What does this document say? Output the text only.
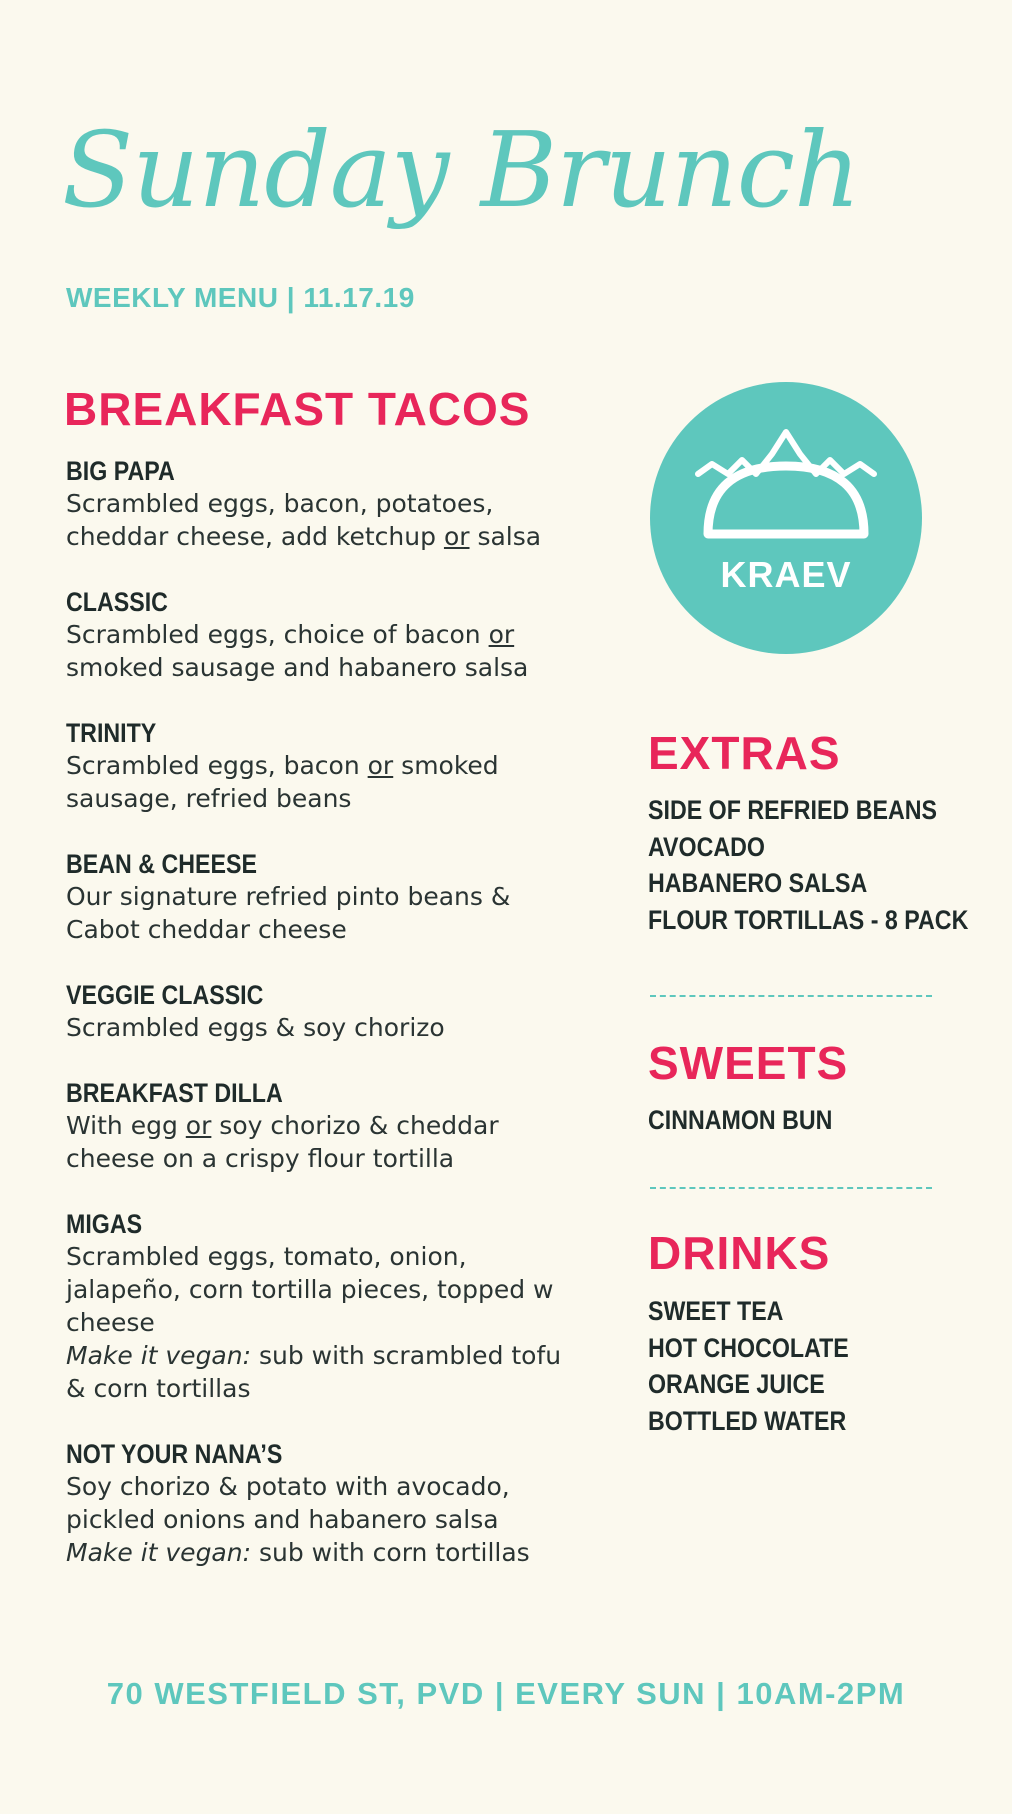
Sunday Brunch
WEEKLY MENU | 11.17.19
BREAKFAST TACOS
BIG PAPA
Scrambled eggs, bacon, potatoes, cheddar cheese, add ketchup or salsa
CLASSIC
Scrambled eggs, choice of bacon or smoked sausage and habanero salsa
TRINITY
Scrambled eggs, bacon or smoked sausage, refried beans
BEAN & CHEESE
Our signature refried pinto beans & Cabot cheddar cheese
VEGGIE CLASSIC
Scrambled eggs & soy chorizo
BREAKFAST DILLA
With egg or soy chorizo & cheddar cheese on a crispy flour tortilla
MIGAS
Scrambled eggs, tomato, onion, jalapeño, corn tortilla pieces, topped w cheese
Make it vegan: sub with scrambled tofu & corn tortillas
NOT YOUR NANA’S
Soy chorizo & potato with avocado, pickled onions and habanero salsa
Make it vegan: sub with corn tortillas
KRAEV
EXTRAS
SIDE OF REFRIED BEANS
AVOCADO
HABANERO SALSA
FLOUR TORTILLAS - 8 PACK
SWEETS
CINNAMON BUN
DRINKS
SWEET TEA
HOT CHOCOLATE
ORANGE JUICE
BOTTLED WATER
70 WESTFIELD ST, PVD | EVERY SUN | 10AM-2PM
